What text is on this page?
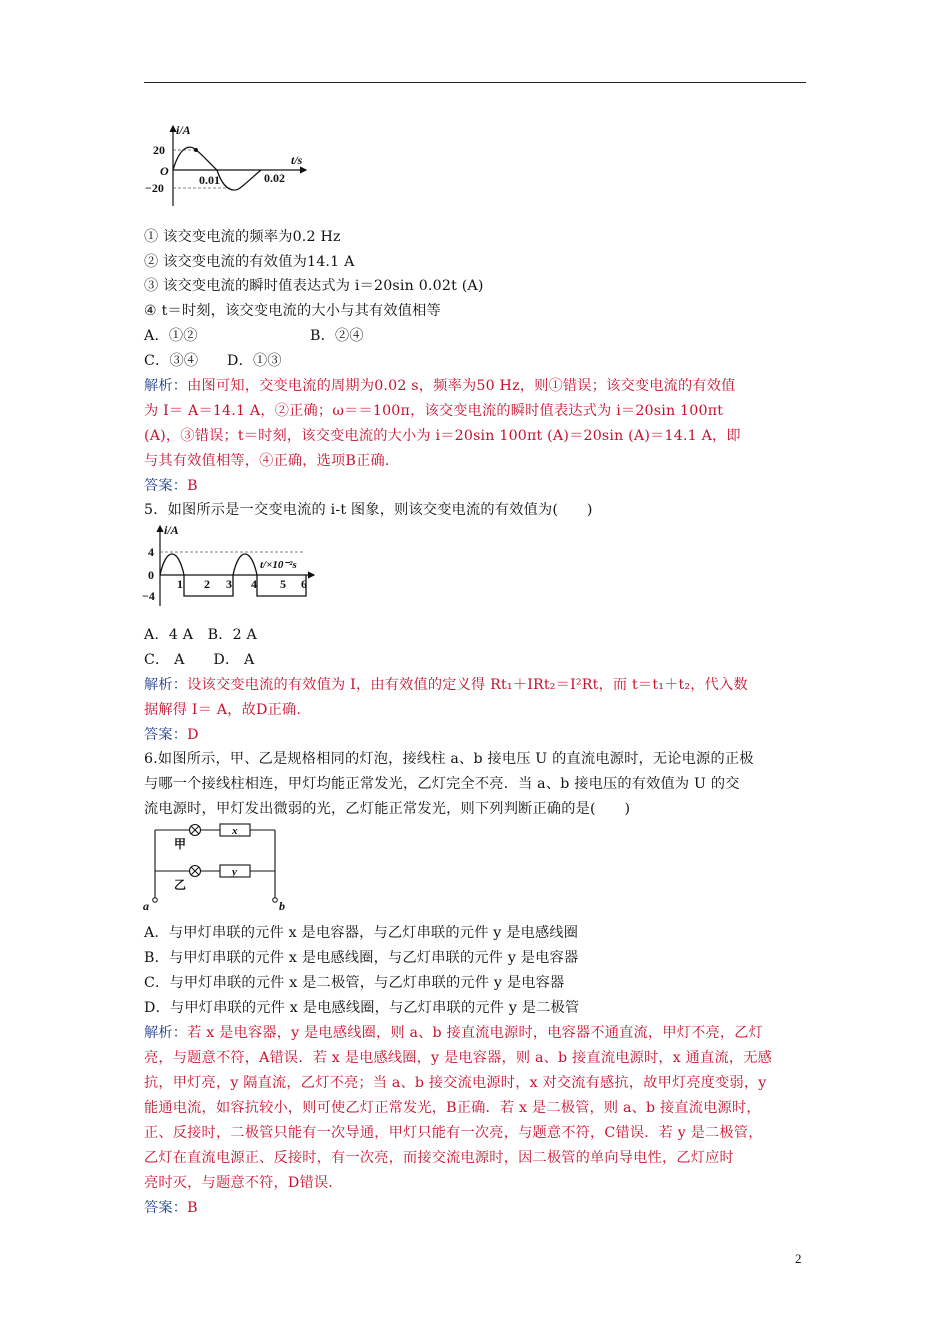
i/A
t/s
20
O
−20
0.01	0.02
① 该交变电流的频率为0.2 Hz
② 该交变电流的有效值为14.1 A
③ 该交变电流的瞬时值表达式为 i＝20sin 0.02t (A)
④ t＝时刻，该交变电流的大小与其有效值相等
A．①②	B．②④
C．③④　　D．①③
解析：由图可知，交变电流的周期为0.02 s，频率为50 Hz，则①错误；该交变电流的有效值
为 I＝ A＝14.1 A，②正确；ω＝＝100π，该交变电流的瞬时值表达式为 i＝20sin 100πt
(A)，③错误；t＝时刻，该交变电流的大小为 i＝20sin 100πt (A)＝20sin (A)＝14.1 A，即
与其有效值相等，④正确，选项B正确.
答案：B
5．如图所示是一交变电流的 i-t 图象，则该交变电流的有效值为(　　)
i/A
t/×10⁻²s
4
0
−4
1 2 3 4 5 6
A．4 A　B．2 A
C． A　　D． A
解析：设该交变电流的有效值为 I，由有效值的定义得 Rt₁＋IRt₂＝I²Rt，而 t＝t₁＋t₂，代入数
据解得 I＝ A，故D正确.
答案：D
6.如图所示，甲、乙是规格相同的灯泡，接线柱 a、b 接电压 U 的直流电源时，无论电源的正极
与哪一个接线柱相连，甲灯均能正常发光，乙灯完全不亮．当 a、b 接电压的有效值为 U 的交
流电源时，甲灯发出微弱的光，乙灯能正常发光，则下列判断正确的是(　　)
x
y
甲
乙
a	b
A．与甲灯串联的元件 x 是电容器，与乙灯串联的元件 y 是电感线圈
B．与甲灯串联的元件 x 是电感线圈，与乙灯串联的元件 y 是电容器
C．与甲灯串联的元件 x 是二极管，与乙灯串联的元件 y 是电容器
D．与甲灯串联的元件 x 是电感线圈，与乙灯串联的元件 y 是二极管
解析：若 x 是电容器，y 是电感线圈，则 a、b 接直流电源时，电容器不通直流，甲灯不亮，乙灯
亮，与题意不符，A错误．若 x 是电感线圈，y 是电容器，则 a、b 接直流电源时，x 通直流，无感
抗，甲灯亮，y 隔直流，乙灯不亮；当 a、b 接交流电源时，x 对交流有感抗，故甲灯亮度变弱，y
能通电流，如容抗较小，则可使乙灯正常发光，B正确．若 x 是二极管，则 a、b 接直流电源时，
正、反接时，二极管只能有一次导通，甲灯只能有一次亮，与题意不符，C错误．若 y 是二极管，
乙灯在直流电源正、反接时，有一次亮，而接交流电源时，因二极管的单向导电性，乙灯应时
亮时灭，与题意不符，D错误.
答案：B
2
